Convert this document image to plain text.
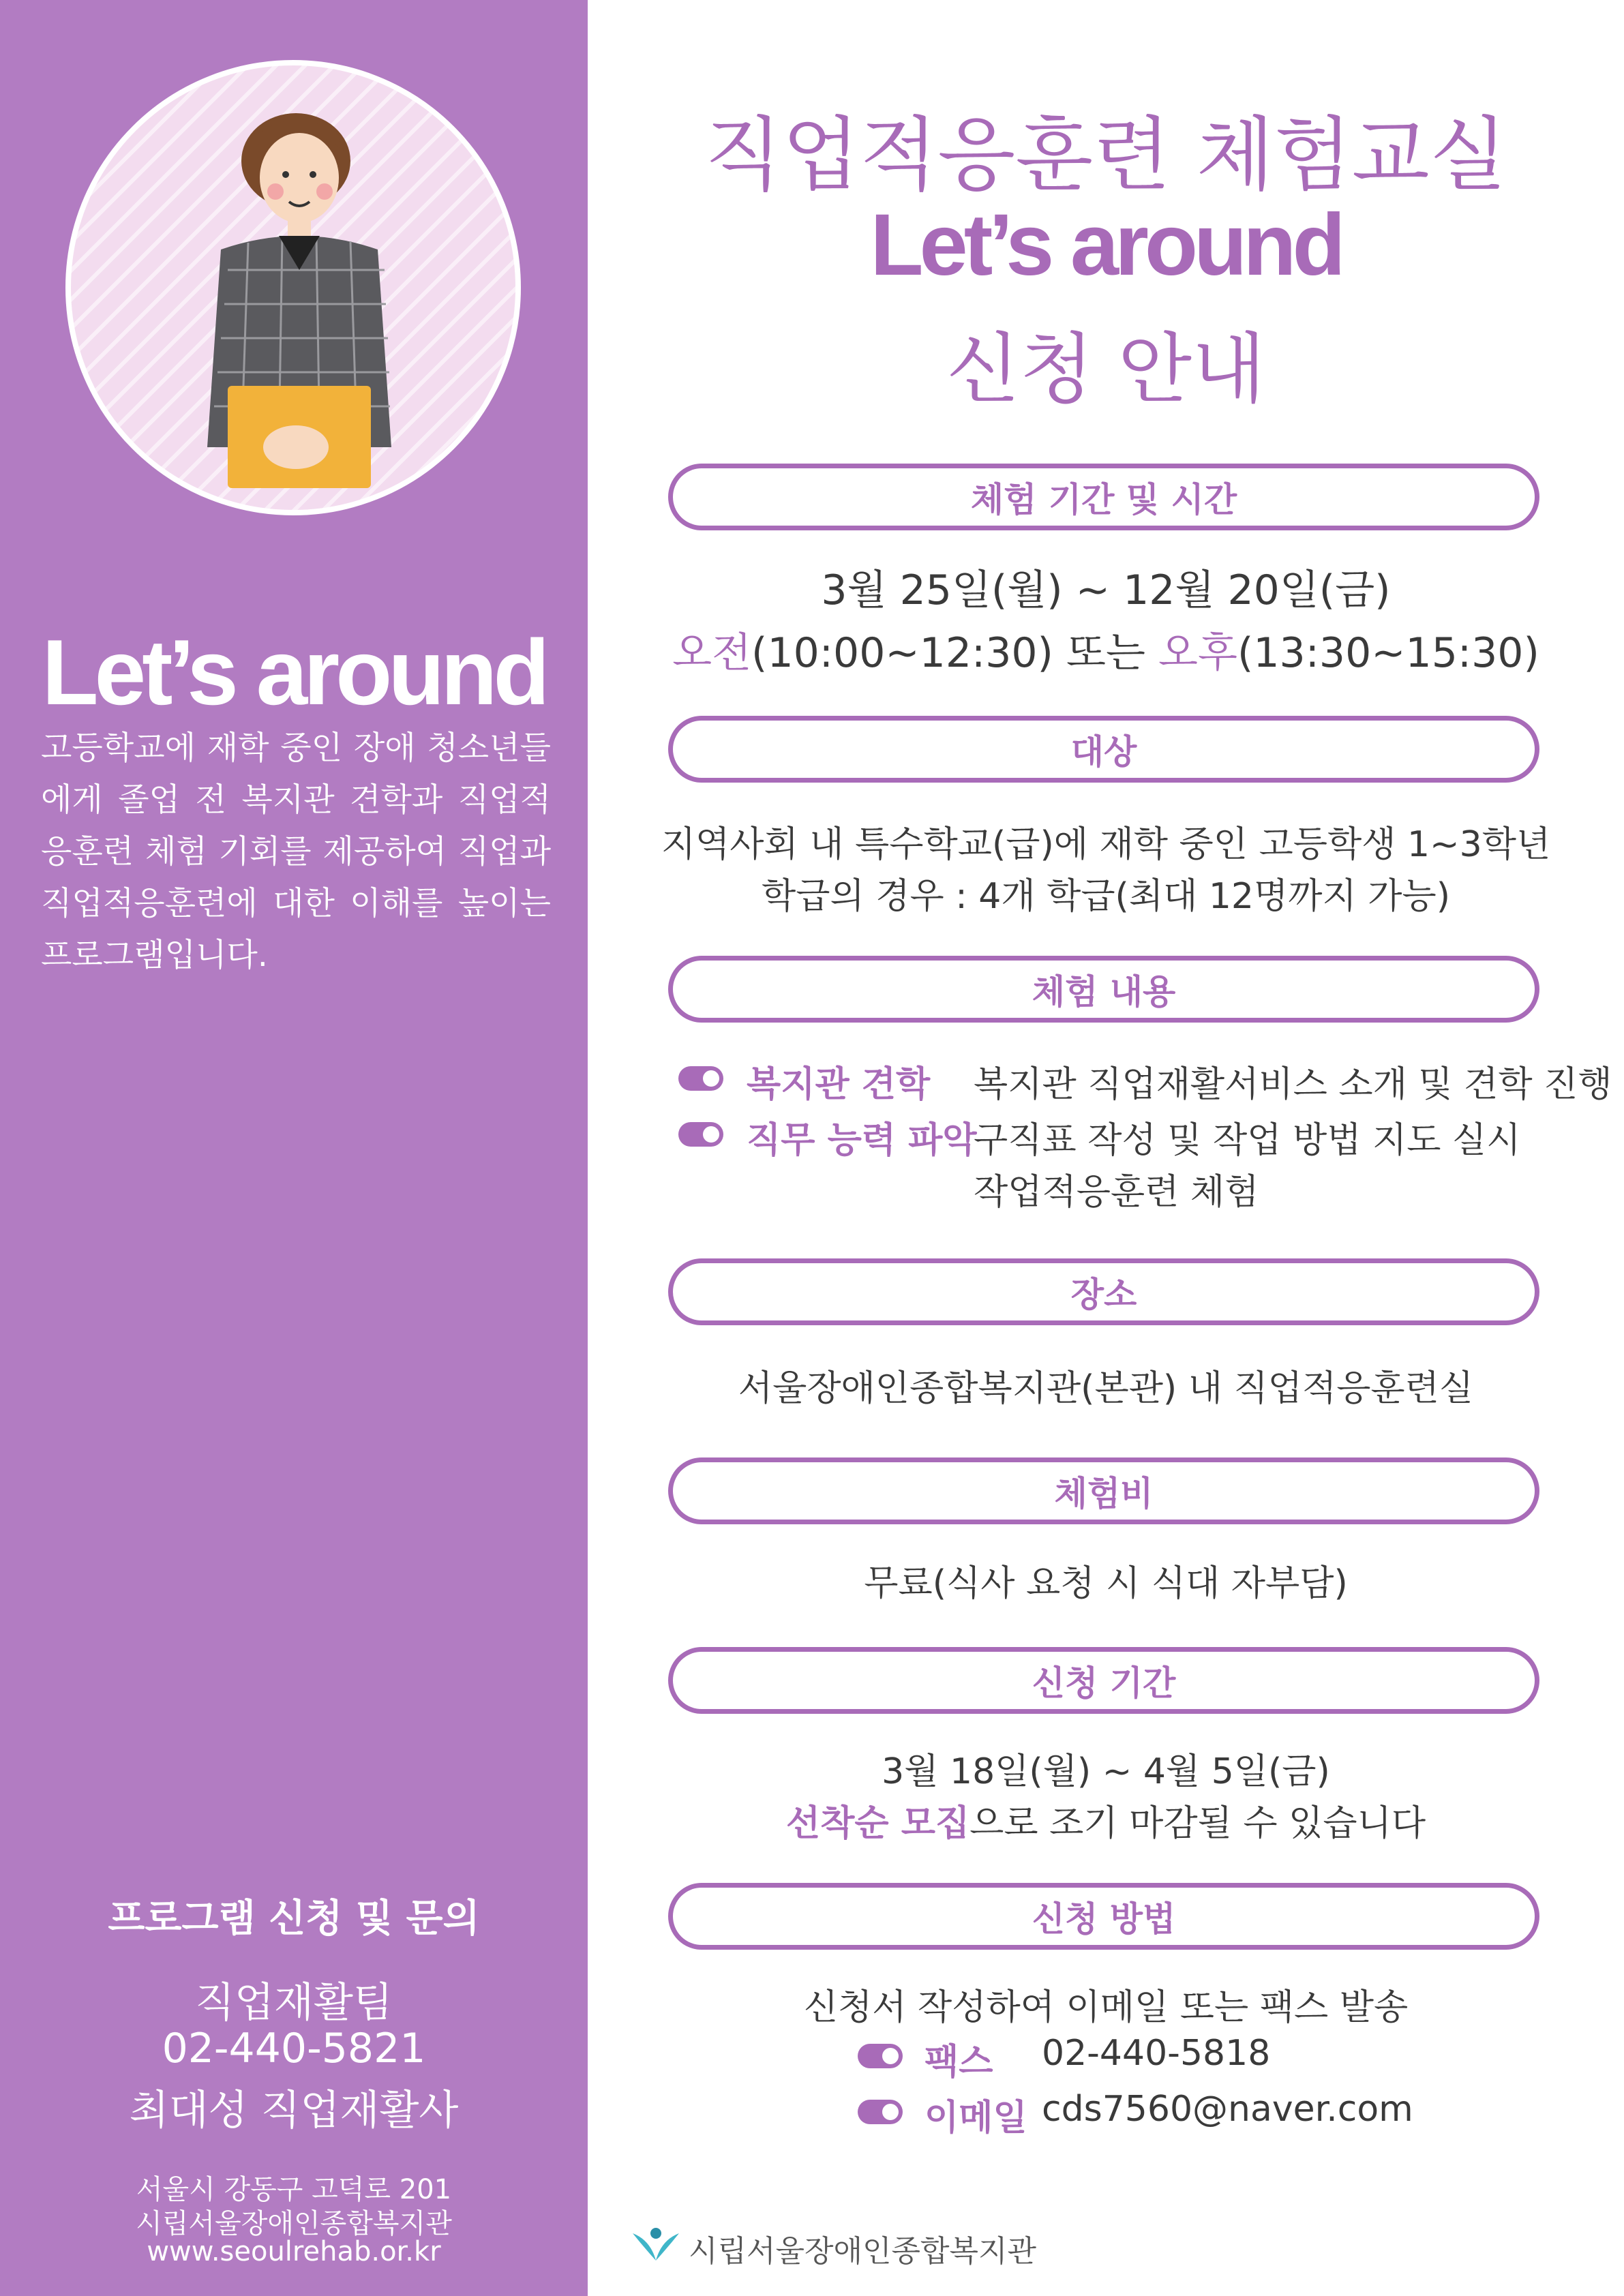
Let’s around
고등학교에 재학 중인 장애 청소년들에게 졸업 전 복지관 견학과 직업적응훈련 체험 기회를 제공하여 직업과 직업적응훈련에 대한 이해를 높이는 프로그램입니다.
프로그램 신청 및 문의
직업재활팀
02-440-5821
최대성 직업재활사
서울시 강동구 고덕로 201
시립서울장애인종합복지관
www.seoulrehab.or.kr
직업적응훈련 체험교실
Let’s around
신청 안내
체험 기간 및 시간
3월 25일(월) ~ 12월 20일(금)
오전(10:00~12:30) 또는 오후(13:30~15:30)
대상
지역사회 내 특수학교(급)에 재학 중인 고등학생 1~3학년
학급의 경우 : 4개 학급(최대 12명까지 가능)
체험 내용
복지관 견학 복지관 직업재활서비스 소개 및 견학 진행
직무 능력 파악
구직표 작성 및 작업 방법 지도 실시
작업적응훈련 체험
장소
서울장애인종합복지관(본관) 내 직업적응훈련실
체험비
무료(식사 요청 시 식대 자부담)
신청 기간
3월 18일(월) ~ 4월 5일(금)
선착순 모집으로 조기 마감될 수 있습니다
신청 방법
신청서 작성하여 이메일 또는 팩스 발송
팩스 02-440-5818
이메일 cds7560@naver.com
시립서울장애인종합복지관
